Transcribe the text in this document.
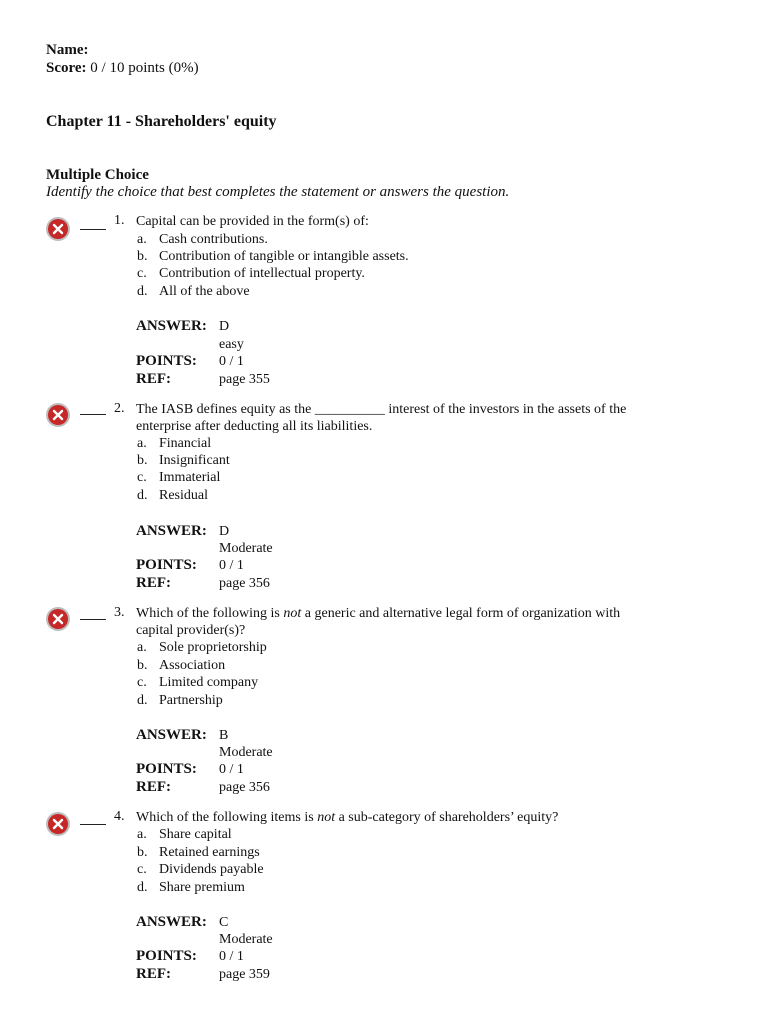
Name:
Score: 0 / 10 points (0%)
Chapter 11 - Shareholders' equity
Multiple Choice
Identify the choice that best completes the statement or answers the question.
1. Capital can be provided in the form(s) of:
a. Cash contributions.
b. Contribution of tangible or intangible assets.
c. Contribution of intellectual property.
d. All of the above
ANSWER: D
easy
POINTS: 0 / 1
REF:	page 355
2. The IASB defines equity as the __________ interest of the investors in the assets of the
enterprise after deducting all its liabilities.
a. Financial
b. Insignificant
c. Immaterial
d. Residual
ANSWER: D
Moderate
POINTS: 0 / 1
REF:	page 356
3. Which of the following is not a generic and alternative legal form of organization with
capital provider(s)?
a. Sole proprietorship
b. Association
c. Limited company
d. Partnership
ANSWER: B
Moderate
POINTS: 0 / 1
REF:	page 356
4. Which of the following items is not a sub-category of shareholders’ equity?
a. Share capital
b. Retained earnings
c. Dividends payable
d. Share premium
ANSWER: C
Moderate
POINTS: 0 / 1
REF:	page 359
